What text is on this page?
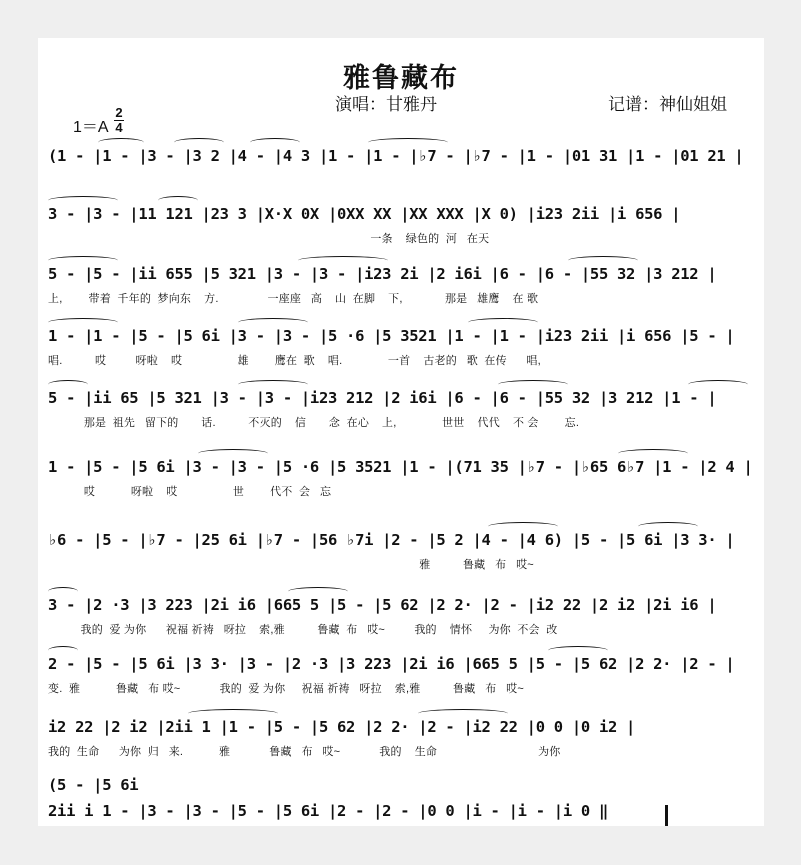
雅鲁藏布
演唱：甘雅丹	记谱：神仙姐姐
1＝A
2
4
(1 - |1 - |3 - |3 2 |4 - |4 3 |1 - |1 - |♭7 - |♭7 - |1 - |01 31 |1 - |01 21 |
3 - |3 - |11 121 |23 3 |X·X 0X |0XX XX |XX XXX |X 0) |i23 2ii |i 656 |
一条    绿色的  河   在天
5 - |5 - |ii 655 |5 321 |3 - |3 - |i23 2i |2 i6i |6 - |6 - |55 32 |3 212 |
上,        带着  千年的  梦向东    方.               一座座   高    山  在脚    下,             那是   雄鹰    在 歌
1 - |1 - |5 - |5 6i |3 - |3 - |5 ·6 |5 3521 |1 - |1 - |i23 2ii |i 656 |5 - |
唱.          哎         呀啦    哎                 雄        鹰在  歌    唱.              一首    古老的   歌  在传      唱,
5 - |ii 65 |5 321 |3 - |3 - |i23 212 |2 i6i |6 - |6 - |55 32 |3 212 |1 - |
那是  祖先   留下的       话.          不灭的    信       念  在心    上,              世世    代代    不 会        忘.
1 - |5 - |5 6i |3 - |3 - |5 ·6 |5 3521 |1 - |(71 35 |♭7 - |♭65 6♭7 |1 - |2 4 |
哎           呀啦    哎                 世        代不  会   忘
♭6 - |5 - |♭7 - |25 6i |♭7 - |56 ♭7i |2 - |5 2 |4 - |4 6) |5 - |5 6i |3 3· |
雅          鲁藏   布   哎~
3 - |2 ·3 |3 223 |2i i6 |665 5 |5 - |5 62 |2 2· |2 - |i2 22 |2 i2 |2i i6 |
我的  爱 为你      祝福 祈祷   呀拉    索,雅          鲁藏  布   哎~         我的    情怀     为你  不会  改
2 - |5 - |5 6i |3 3· |3 - |2 ·3 |3 223 |2i i6 |665 5 |5 - |5 62 |2 2· |2 - |
变.  雅           鲁藏   布 哎~            我的  爱 为你     祝福 祈祷   呀拉    索,雅          鲁藏   布   哎~
i2 22 |2 i2 |2ii 1 |1 - |5 - |5 62 |2 2· |2 - |i2 22 |0 0 |0 i2 |
我的  生命      为你  归   来.           雅            鲁藏   布   哎~            我的    生命                               为你
(5 - |5 6i
2ii i 1 - |3 - |3 - |5 - |5 6i |2 - |2 - |0 0 |i - |i - |i 0 ‖
